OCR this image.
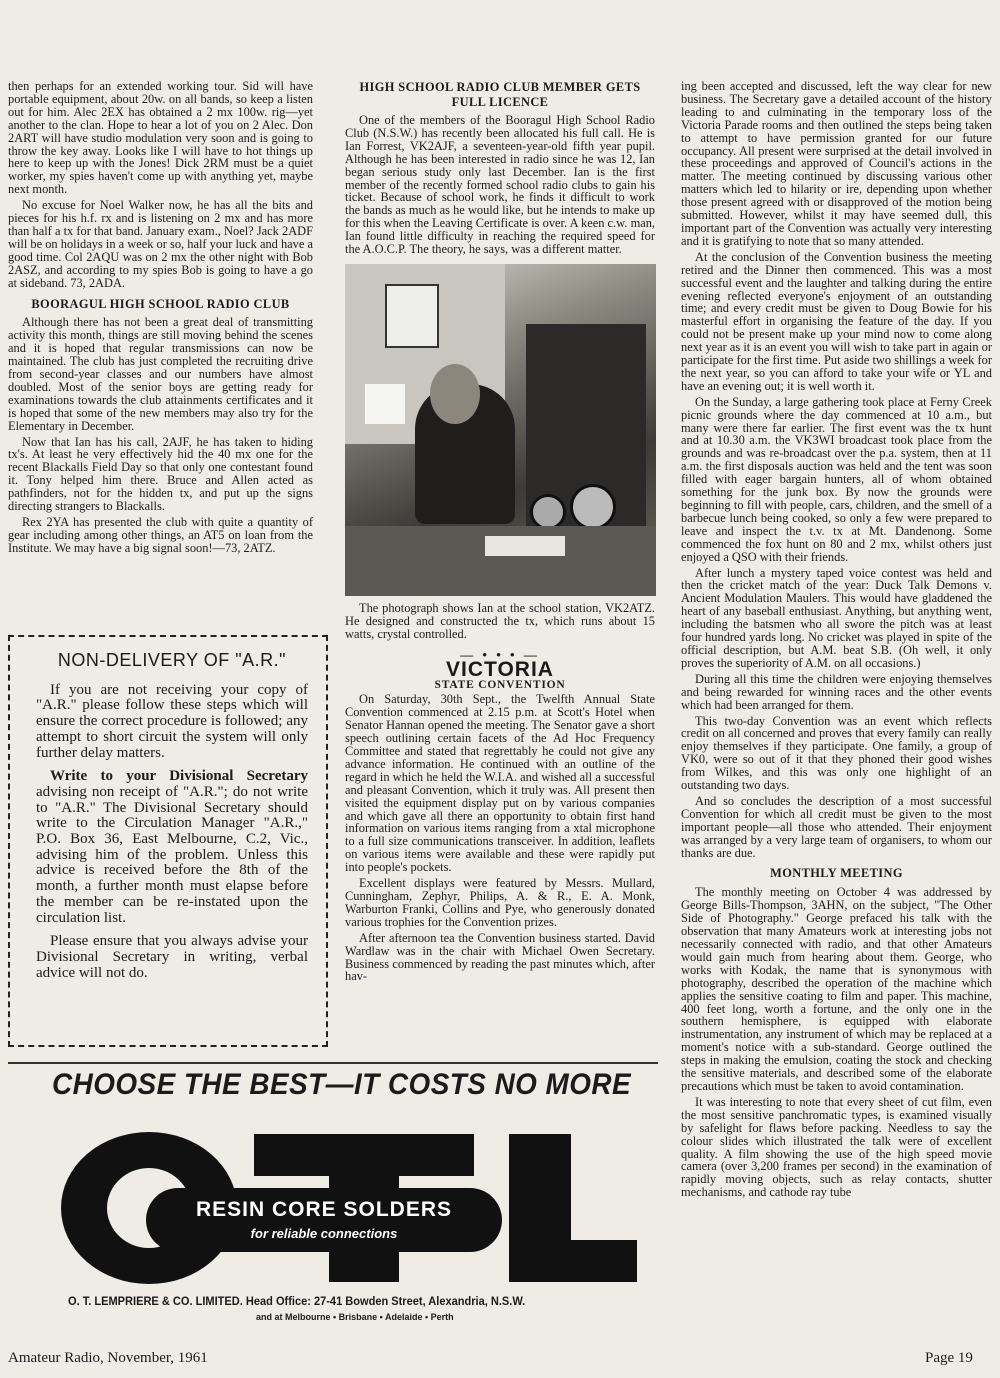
then perhaps for an extended working tour. Sid will have portable equipment, about 20w. on all bands, so keep a listen out for him. Alec 2EX has obtained a 2 mx 100w. rig—yet another to the clan. Hope to hear a lot of you on 2 Alec. Don 2ART will have studio modulation very soon and is going to throw the key away. Looks like I will have to hot things up here to keep up with the Jones! Dick 2RM must be a quiet worker, my spies haven't come up with anything yet, maybe next month.

No excuse for Noel Walker now, he has all the bits and pieces for his h.f. rx and is listening on 2 mx and has more than half a tx for that band. January exam., Noel? Jack 2ADF will be on holidays in a week or so, half your luck and have a good time. Col 2AQU was on 2 mx the other night with Bob 2ASZ, and according to my spies Bob is going to have a go at sideband. 73, 2ADA.

BOORAGUL HIGH SCHOOL RADIO CLUB

Although there has not been a great deal of transmitting activity this month, things are still moving behind the scenes and it is hoped that regular transmissions can now be maintained. The club has just completed the recruiting drive from second-year classes and our numbers have almost doubled. Most of the senior boys are getting ready for examinations towards the club attainments certificates and it is hoped that some of the new members may also try for the Elementary in December.

Now that Ian has his call, 2AJF, he has taken to hiding tx's. At least he very effectively hid the 40 mx one for the recent Blackalls Field Day so that only one contestant found it. Tony helped him there. Bruce and Allen acted as pathfinders, not for the hidden tx, and put up the signs directing strangers to Blackalls.

Rex 2YA has presented the club with quite a quantity of gear including among other things, an AT5 on loan from the Institute. We may have a big signal soon!—73, 2ATZ.

NON-DELIVERY OF "A.R."

If you are not receiving your copy of "A.R." please follow these steps which will ensure the correct procedure is followed; any attempt to short circuit the system will only further delay matters.

Write to your Divisional Secretary advising non receipt of "A.R."; do not write to "A.R." The Divisional Secretary should write to the Circulation Manager "A.R.," P.O. Box 36, East Melbourne, C.2, Vic., advising him of the problem. Unless this advice is received before the 8th of the month, a further month must elapse before the member can be re-instated upon the circulation list.

Please ensure that you always advise your Divisional Secretary in writing, verbal advice will not do.

HIGH SCHOOL RADIO CLUB MEMBER GETS
FULL LICENCE

One of the members of the Booragul High School Radio Club (N.S.W.) has recently been allocated his full call. He is Ian Forrest, VK2AJF, a seventeen-year-old fifth year pupil. Although he has been interested in radio since he was 12, Ian began serious study only last December. Ian is the first member of the recently formed school radio clubs to gain his ticket. Because of school work, he finds it difficult to work the bands as much as he would like, but he intends to make up for this when the Leaving Certificate is over. A keen c.w. man, Ian found little difficulty in reaching the required speed for the A.O.C.P. The theory, he says, was a different matter.

The photograph shows Ian at the school station, VK2ATZ. He designed and constructed the tx, which runs about 15 watts, crystal controlled.

— • • • —
VICTORIA
STATE CONVENTION

On Saturday, 30th Sept., the Twelfth Annual State Convention commenced at 2.15 p.m. at Scott's Hotel when Senator Hannan opened the meeting. The Senator gave a short speech outlining certain facets of the Ad Hoc Frequency Committee and stated that regrettably he could not give any advance information. He continued with an outline of the regard in which he held the W.I.A. and wished all a successful and pleasant Convention, which it truly was. All present then visited the equipment display put on by various companies and which gave all there an opportunity to obtain first hand information on various items ranging from a xtal microphone to a full size communications transceiver. In addition, leaflets on various items were available and these were rapidly put into people's pockets.

Excellent displays were featured by Messrs. Mullard, Cunningham, Zephyr, Philips, A. & R., E. A. Monk, Warburton Franki, Collins and Pye, who generously donated various trophies for the Convention prizes.

After afternoon tea the Convention business started. David Wardlaw was in the chair with Michael Owen Secretary. Business commenced by reading the past minutes which, after hav-

ing been accepted and discussed, left the way clear for new business. The Secretary gave a detailed account of the history leading to and culminating in the temporary loss of the Victoria Parade rooms and then outlined the steps being taken to attempt to have permission granted for our future occupancy. All present were surprised at the detail involved in these proceedings and approved of Council's actions in the matter. The meeting continued by discussing various other matters which led to hilarity or ire, depending upon whether those present agreed with or disapproved of the motion being submitted. However, whilst it may have seemed dull, this important part of the Convention was actually very interesting and it is gratifying to note that so many attended.

At the conclusion of the Convention business the meeting retired and the Dinner then commenced. This was a most successful event and the laughter and talking during the entire evening reflected everyone's enjoyment of an outstanding time; and every credit must be given to Doug Bowie for his masterful effort in organising the feature of the day. If you could not be present make up your mind now to come along next year as it is an event you will wish to take part in again or participate for the first time. Put aside two shillings a week for the next year, so you can afford to take your wife or YL and have an evening out; it is well worth it.

On the Sunday, a large gathering took place at Ferny Creek picnic grounds where the day commenced at 10 a.m., but many were there far earlier. The first event was the tx hunt and at 10.30 a.m. the VK3WI broadcast took place from the grounds and was re-broadcast over the p.a. system, then at 11 a.m. the first disposals auction was held and the tent was soon filled with eager bargain hunters, all of whom obtained something for the junk box. By now the grounds were beginning to fill with people, cars, children, and the smell of a barbecue lunch being cooked, so only a few were prepared to leave and inspect the t.v. tx at Mt. Dandenong. Some commenced the fox hunt on 80 and 2 mx, whilst others just enjoyed a QSO with their friends.

After lunch a mystery taped voice contest was held and then the cricket match of the year: Duck Talk Demons v. Ancient Modulation Maulers. This would have gladdened the heart of any baseball enthusiast. Anything, but anything went, including the batsmen who all swore the pitch was at least four hundred yards long. No cricket was played in spite of the official description, but A.M. beat S.B. (Oh well, it only proves the superiority of A.M. on all occasions.)

During all this time the children were enjoying themselves and being rewarded for winning races and the other events which had been arranged for them.

This two-day Convention was an event which reflects credit on all concerned and proves that every family can really enjoy themselves if they participate. One family, a group of VK0, were so out of it that they phoned their good wishes from Wilkes, and this was only one highlight of an outstanding two days.

And so concludes the description of a most successful Convention for which all credit must be given to the most important people—all those who attended. Their enjoyment was arranged by a very large team of organisers, to whom our thanks are due.

MONTHLY MEETING

The monthly meeting on October 4 was addressed by George Bills-Thompson, 3AHN, on the subject, "The Other Side of Photography." George prefaced his talk with the observation that many Amateurs work at interesting jobs not necessarily connected with radio, and that other Amateurs would gain much from hearing about them. George, who works with Kodak, the name that is synonymous with photography, described the operation of the machine which applies the sensitive coating to film and paper. This machine, 400 feet long, worth a fortune, and the only one in the southern hemisphere, is equipped with elaborate instrumentation, any instrument of which may be replaced at a moment's notice with a sub-standard. George outlined the steps in making the emulsion, coating the stock and checking the sensitive materials, and described some of the elaborate precautions which must be taken to avoid contamination.

It was interesting to note that every sheet of cut film, even the most sensitive panchromatic types, is examined visually by safelight for flaws before packing. Needless to say the colour slides which illustrated the talk were of excellent quality. A film showing the use of the high speed movie camera (over 3,200 frames per second) in the examination of rapidly moving objects, such as relay contacts, shutter mechanisms, and cathode ray tube

CHOOSE THE BEST—IT COSTS NO MORE
OTL
RESIN CORE SOLDERS
for reliable connections
O. T. LEMPRIERE & CO. LIMITED. Head Office: 27-41 Bowden Street, Alexandria, N.S.W.
and at Melbourne • Brisbane • Adelaide • Perth
Amateur Radio, November, 1961	Page 19
